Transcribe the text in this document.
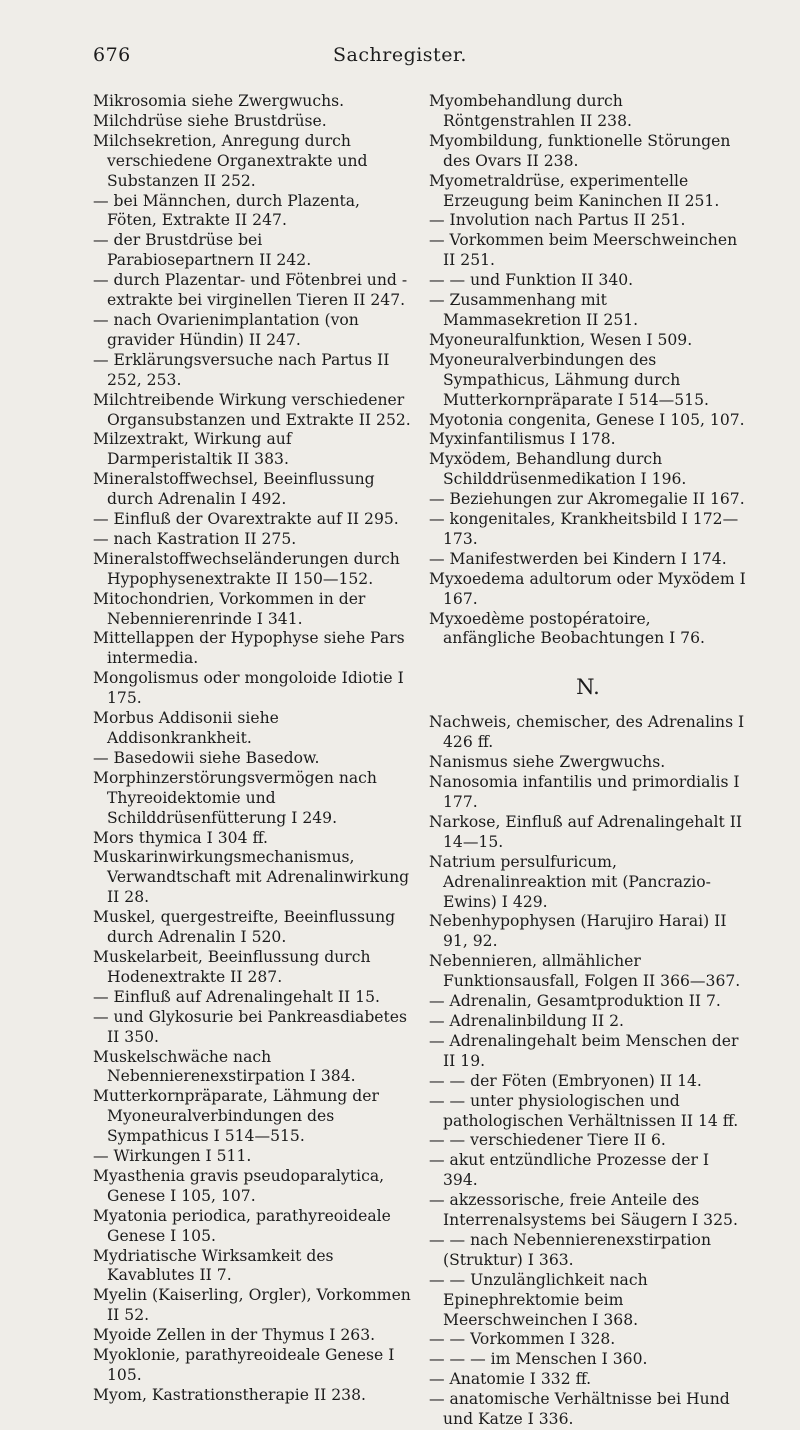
676	Sachregister.

Mikrosomia siehe Zwergwuchs.

Milchdrüse siehe Brustdrüse.

Milchsekretion, Anregung durch verschiedene Organextrakte und Substanzen II 252.

— bei Männchen, durch Plazenta, Föten, Extrakte II 247.

— der Brustdrüse bei Parabiosepartnern II 242.

— durch Plazentar- und Fötenbrei und -extrakte bei virginellen Tieren II 247.

— nach Ovarienimplantation (von gravider Hündin) II 247.

— Erklärungsversuche nach Partus II 252, 253.

Milchtreibende Wirkung verschiedener Organsubstanzen und Extrakte II 252.

Milzextrakt, Wirkung auf Darmperistaltik II 383.

Mineralstoffwechsel, Beeinflussung durch Adrenalin I 492.

— Einfluß der Ovarextrakte auf II 295.

— nach Kastration II 275.

Mineralstoffwechseländerungen durch Hypophysenextrakte II 150—152.

Mitochondrien, Vorkommen in der Nebennierenrinde I 341.

Mittellappen der Hypophyse siehe Pars intermedia.

Mongolismus oder mongoloide Idiotie I 175.

Morbus Addisonii siehe Addisonkrankheit.

— Basedowii siehe Basedow.

Morphinzerstörungsvermögen nach Thyreoidektomie und Schilddrüsenfütterung I 249.

Mors thymica I 304 ff.

Muskarinwirkungsmechanismus, Verwandtschaft mit Adrenalinwirkung II 28.

Muskel, quergestreifte, Beeinflussung durch Adrenalin I 520.

Muskelarbeit, Beeinflussung durch Hodenextrakte II 287.

— Einfluß auf Adrenalingehalt II 15.

— und Glykosurie bei Pankreasdiabetes II 350.

Muskelschwäche nach Nebennierenexstirpation I 384.

Mutterkornpräparate, Lähmung der Myoneuralverbindungen des Sympathicus I 514—515.

— Wirkungen I 511.

Myasthenia gravis pseudoparalytica, Genese I 105, 107.

Myatonia periodica, parathyreoideale Genese I 105.

Mydriatische Wirksamkeit des Kavablutes II 7.

Myelin (Kaiserling, Orgler), Vorkommen II 52.

Myoide Zellen in der Thymus I 263.

Myoklonie, parathyreoideale Genese I 105.

Myom, Kastrationstherapie II 238.

Myombehandlung durch Röntgenstrahlen II 238.

Myombildung, funktionelle Störungen des Ovars II 238.

Myometraldrüse, experimentelle Erzeugung beim Kaninchen II 251.

— Involution nach Partus II 251.

— Vorkommen beim Meerschweinchen II 251.

— — und Funktion II 340.

— Zusammenhang mit Mammasekretion II 251.

Myoneuralfunktion, Wesen I 509.

Myoneuralverbindungen des Sympathicus, Lähmung durch Mutterkornpräparate I 514—515.

Myotonia congenita, Genese I 105, 107.

Myxinfantilismus I 178.

Myxödem, Behandlung durch Schilddrüsenmedikation I 196.

— Beziehungen zur Akromegalie II 167.

— kongenitales, Krankheitsbild I 172—173.

— Manifestwerden bei Kindern I 174.

Myxoedema adultorum oder Myxödem I 167.

Myxoedème postopératoire, anfängliche Beobachtungen I 76.

N.

Nachweis, chemischer, des Adrenalins I 426 ff.

Nanismus siehe Zwergwuchs.

Nanosomia infantilis und primordialis I 177.

Narkose, Einfluß auf Adrenalingehalt II 14—15.

Natrium persulfuricum, Adrenalinreaktion mit (Pancrazio-Ewins) I 429.

Nebenhypophysen (Harujiro Harai) II 91, 92.

Nebennieren, allmählicher Funktionsausfall, Folgen II 366—367.

— Adrenalin, Gesamtproduktion II 7.

— Adrenalinbildung II 2.

— Adrenalingehalt beim Menschen der II 19.

— — der Föten (Embryonen) II 14.

— — unter physiologischen und pathologischen Verhältnissen II 14 ff.

— — verschiedener Tiere II 6.

— akut entzündliche Prozesse der I 394.

— akzessorische, freie Anteile des Interrenalsystems bei Säugern I 325.

— — nach Nebennierenexstirpation (Struktur) I 363.

— — Unzulänglichkeit nach Epinephrektomie beim Meerschweinchen I 368.

— — Vorkommen I 328.

— — — im Menschen I 360.

— Anatomie I 332 ff.

— anatomische Verhältnisse bei Hund und Katze I 336.
